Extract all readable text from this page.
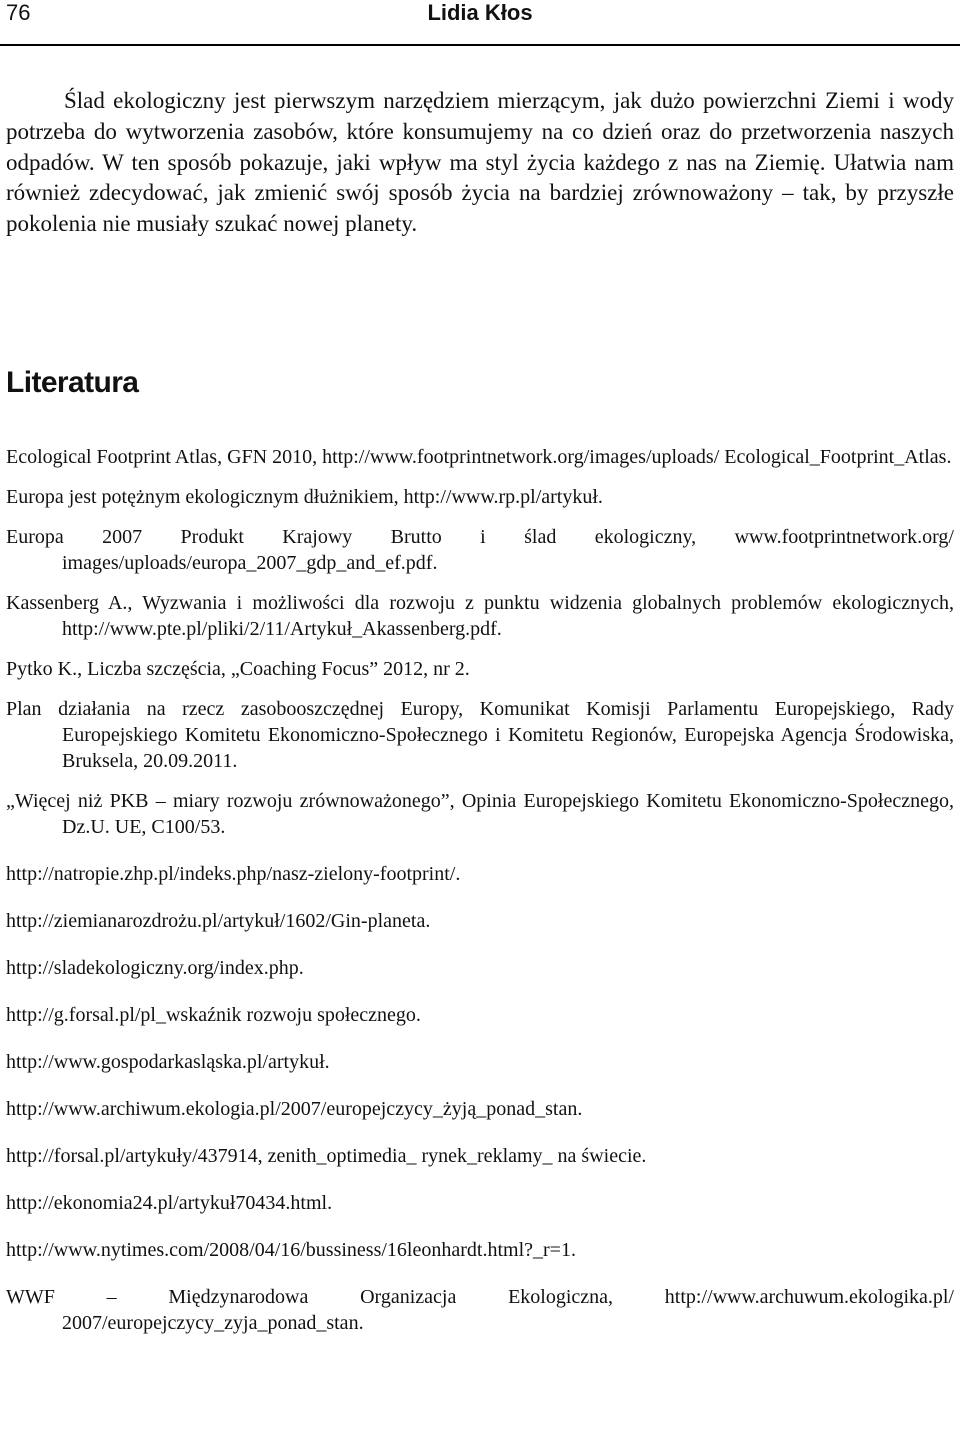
76	Lidia Kłos

Ślad ekologiczny jest pierwszym narzędziem mierzącym, jak dużo powierzchni Ziemi i wody potrzeba do wytworzenia zasobów, które konsumujemy na co dzień oraz do przetworzenia naszych odpadów. W ten sposób pokazuje, jaki wpływ ma styl życia każdego z nas na Ziemię. Ułatwia nam również zdecydować, jak zmienić swój sposób życia na bardziej zrównoważony – tak, by przyszłe pokolenia nie musiały szukać nowej planety.

Literatura
Ecological Footprint Atlas, GFN 2010, http://www.footprintnetwork.org/images/uploads/ Ecological_Footprint_Atlas.
Europa jest potężnym ekologicznym dłużnikiem, http://www.rp.pl/artykuł.
Europa 2007 Produkt Krajowy Brutto i ślad ekologiczny, www.footprintnetwork.org/ images/uploads/europa_2007_gdp_and_ef.pdf.
Kassenberg A., Wyzwania i możliwości dla rozwoju z punktu widzenia globalnych problemów ekologicznych, http://www.pte.pl/pliki/2/11/Artykuł_Akassenberg.pdf.
Pytko K., Liczba szczęścia, „Coaching Focus” 2012, nr 2.
Plan działania na rzecz zasobooszczędnej Europy, Komunikat Komisji Parlamentu Europejskiego, Rady Europejskiego Komitetu Ekonomiczno-Społecznego i Komitetu Regionów, Europejska Agencja Środowiska, Bruksela, 20.09.2011.
„Więcej niż PKB – miary rozwoju zrównoważonego”, Opinia Europejskiego Komitetu Ekonomiczno-Społecznego, Dz.U. UE, C100/53.
http://natropie.zhp.pl/indeks.php/nasz-zielony-footprint/.
http://ziemianarozdrożu.pl/artykuł/1602/Gin-planeta.
http://sladekologiczny.org/index.php.
http://g.forsal.pl/pl_wskaźnik rozwoju społecznego.
http://www.gospodarkasląska.pl/artykuł.
http://www.archiwum.ekologia.pl/2007/europejczycy_żyją_ponad_stan.
http://forsal.pl/artykuły/437914, zenith_optimedia_ rynek_reklamy_ na świecie.
http://ekonomia24.pl/artykuł70434.html.
http://www.nytimes.com/2008/04/16/bussiness/16leonhardt.html?_r=1.
WWF – Międzynarodowa Organizacja Ekologiczna, http://www.archuwum.ekologika.pl/ 2007/europejczycy_zyja_ponad_stan.
